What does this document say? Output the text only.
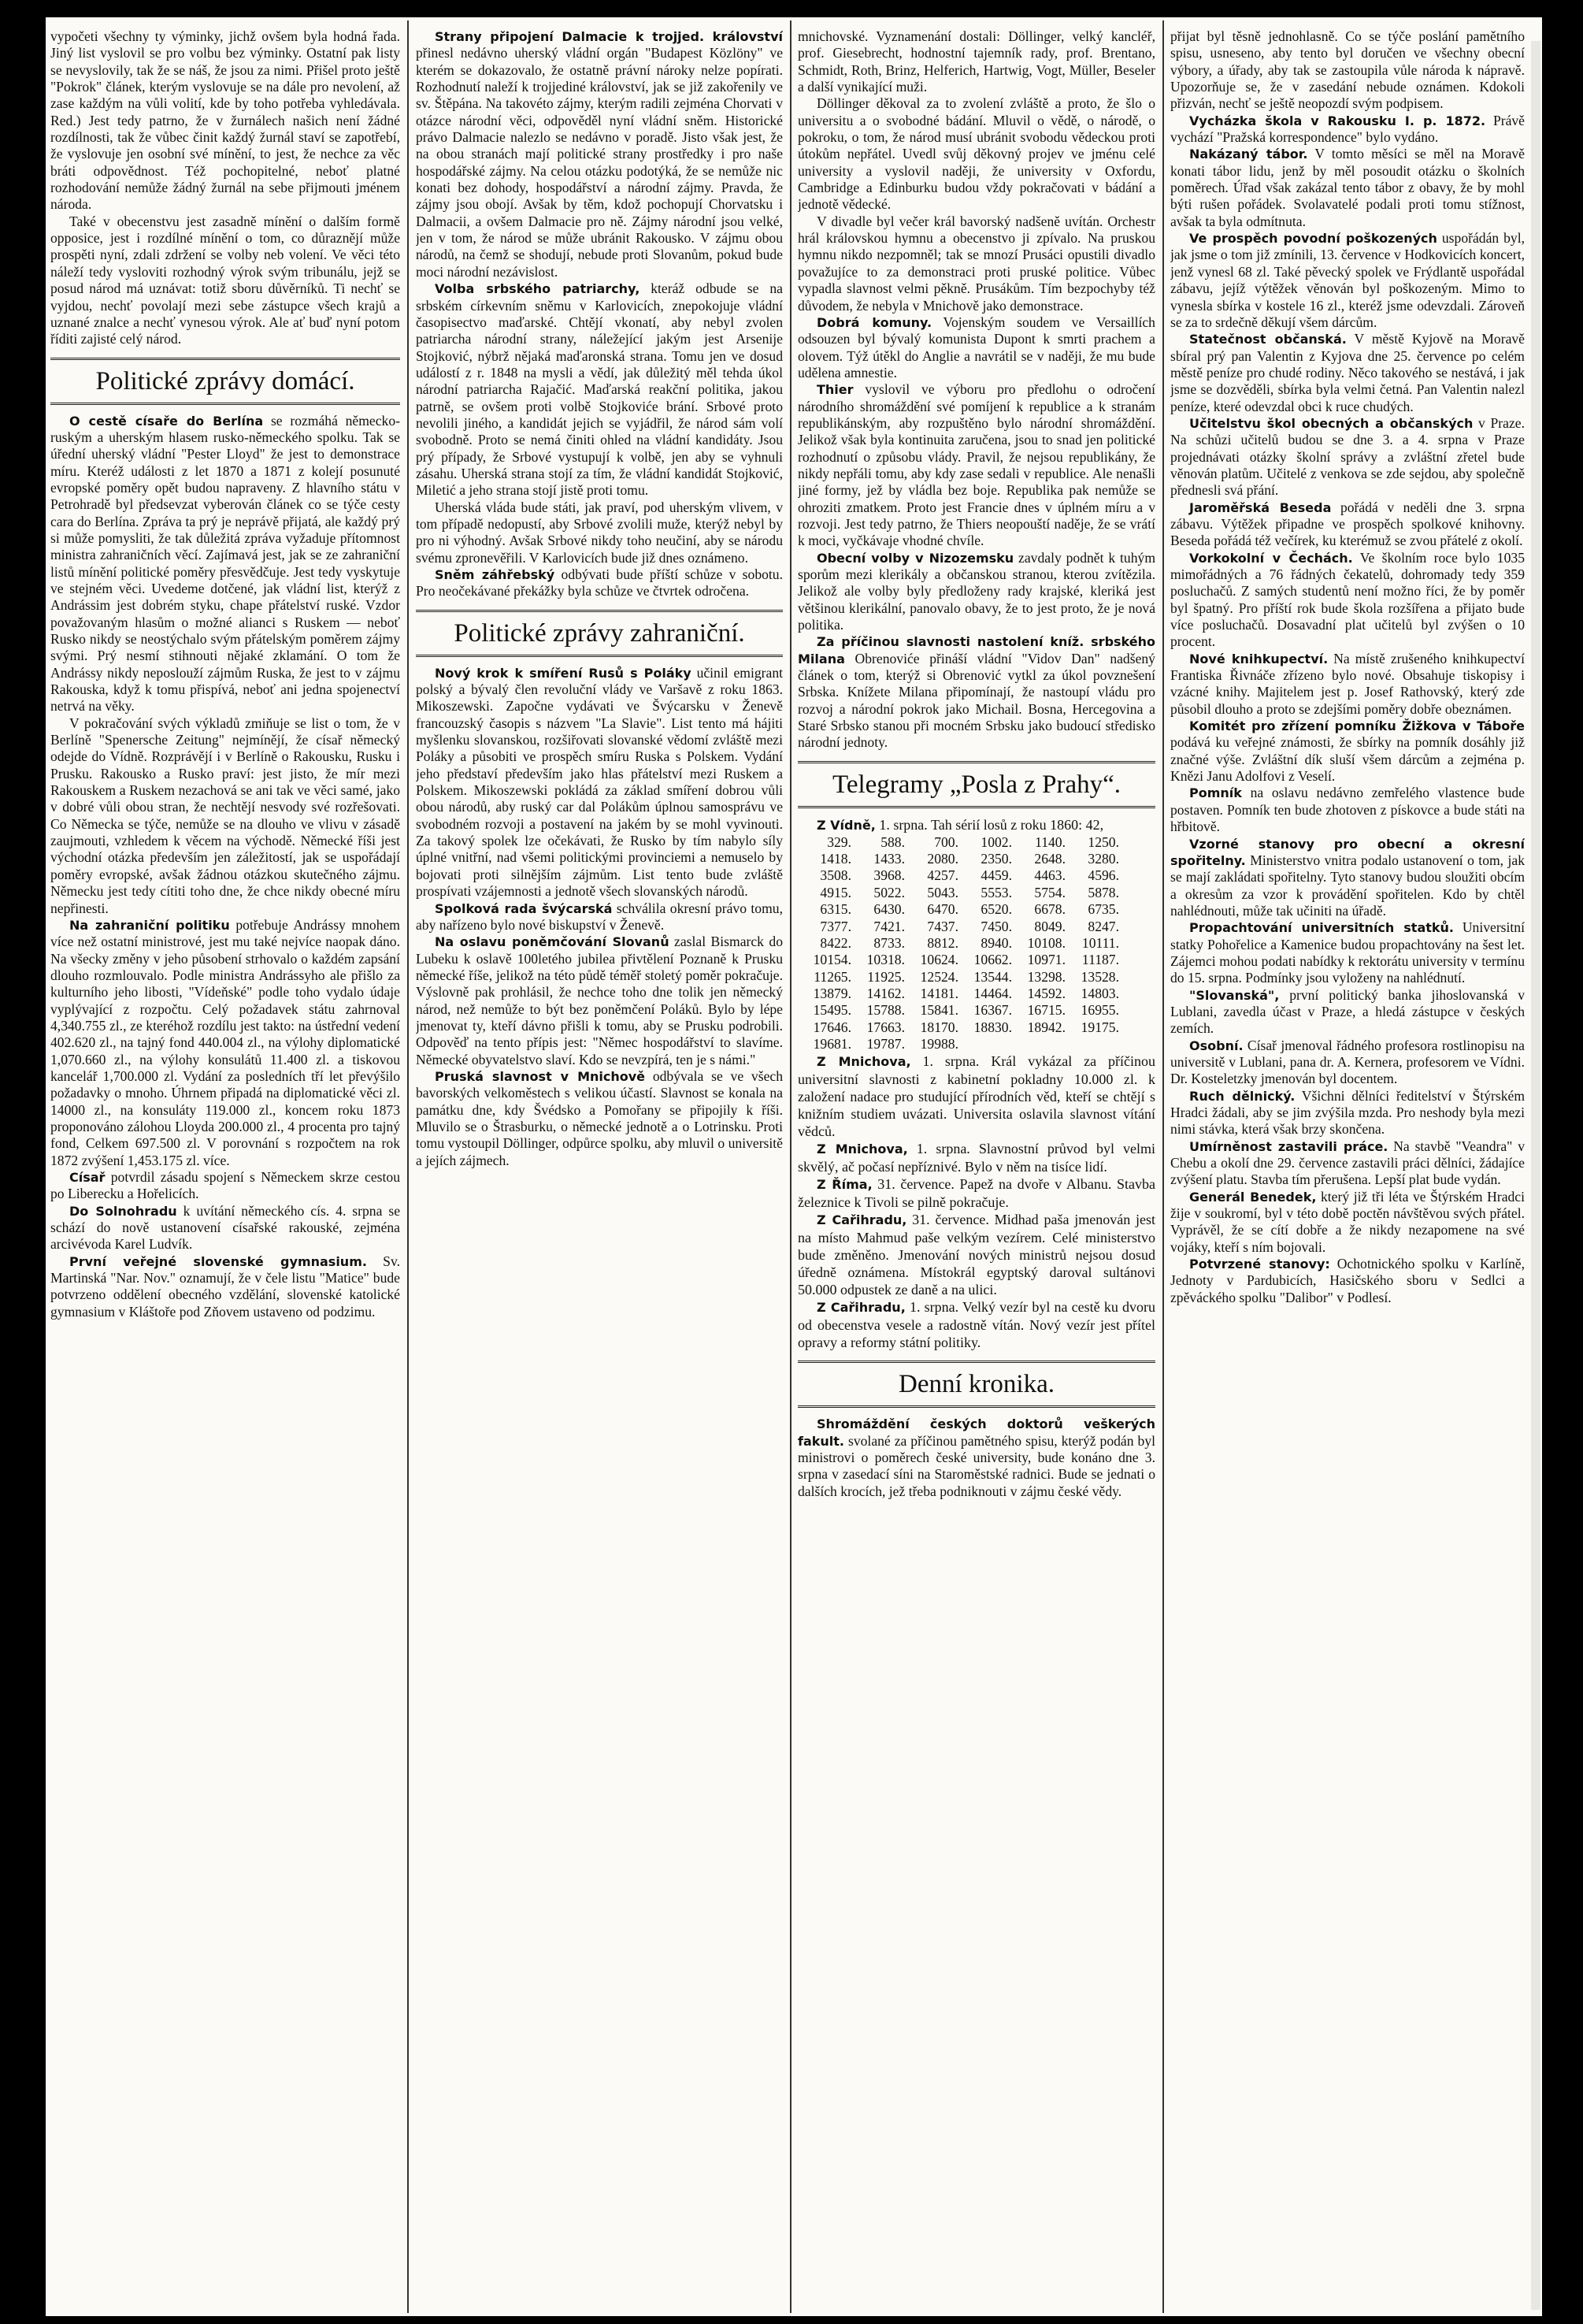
vypočeti všechny ty výminky, jichž ovšem byla hodná řada. Jiný list vyslovil se pro volbu bez výminky. Ostatní pak listy se nevyslovily, tak že se náš, že jsou za nimi. Přišel proto ještě "Pokrok" článek, kterým vyslovuje se na dále pro nevolení, až zase každým na vůli volití, kde by toho potřeba vyhledávala. Red.) Jest tedy patrno, že v žurnálech našich není žádné rozdílnosti, tak že vůbec činit každý žurnál staví se zapotřebí, že vyslovuje jen osobní své mínění, to jest, že nechce za věc bráti odpovědnost. Též pochopitelné, neboť platné rozhodování nemůže žádný žurnál na sebe přijmouti jménem národa.

Také v obecenstvu jest zasadně mínění o dalším formě opposice, jest i rozdílné mínění o tom, co důraznějí může prospěti nyní, zdali zdržení se volby neb volení. Ve věci této náleží tedy vysloviti rozhodný výrok svým tribunálu, jejž se posud národ má uznávat: totiž sboru důvěrníků. Ti nechť se vyjdou, nechť povolají mezi sebe zástupce všech krajů a uznané znalce a nechť vynesou výrok. Ale ať buď nyní potom říditi zajisté celý národ.

Politické zprávy domácí.

O cestě císaře do Berlína se rozmáhá německo-ruským a uherským hlasem rusko-německého spolku. Tak se úřední uherský vládní "Pester Lloyd" že jest to demonstrace míru. Kteréž události z let 1870 a 1871 z kolejí posunuté evropské poměry opět budou napraveny. Z hlavního státu v Petrohradě byl předsevzat vyberován článek co se týče cesty cara do Berlína. Zpráva ta prý je neprávě přijatá, ale každý prý si může pomysliti, že tak důležitá zpráva vyžaduje přítomnost ministra zahraničních věcí. Zajímavá jest, jak se ze zahraniční listů mínění politické poměry přesvědčuje. Jest tedy vyskytuje ve stejném věci. Uvedeme dotčené, jak vládní list, kterýž z Andrássim jest dobrém styku, chape přátelství ruské. Vzdor považovaným hlasům o možné alianci s Ruskem — neboť Rusko nikdy se neostýchalo svým přátelským poměrem zájmy svými. Prý nesmí stihnouti nějaké zklamání. O tom že Andrássy nikdy neposlouží zájmům Ruska, že jest to v zájmu Rakouska, když k tomu přispívá, neboť ani jedna spojenectví netrvá na věky.

V pokračování svých výkladů zmiňuje se list o tom, že v Berlíně "Spenersche Zeitung" nejmínějí, že císař německý odejde do Vídně. Rozprávějí i v Berlíně o Rakousku, Rusku i Prusku. Rakousko a Rusko praví: jest jisto, že mír mezi Rakouskem a Ruskem nezachová se ani tak ve věci samé, jako v dobré vůli obou stran, že nechtějí nesvody své rozřešovati. Co Německa se týče, nemůže se na dlouho ve vlivu v zásadě zaujmouti, vzhledem k věcem na východě. Německé říši jest východní otázka především jen záležitostí, jak se uspořádají poměry evropské, avšak žádnou otázkou skutečného zájmu. Německu jest tedy cítiti toho dne, že chce nikdy obecné míru nepřinesti.

Na zahraniční politiku potřebuje Andrássy mnohem více než ostatní ministrové, jest mu také nejvíce naopak dáno. Na všecky změny v jeho působení strhovalo o každém zapsání dlouho rozmlouvalo. Podle ministra Andrássyho ale přišlo za kulturního jeho libosti, "Vídeňské" podle toho vydalo údaje vyplývající z rozpočtu. Celý požadavek státu zahrnoval 4,340.755 zl., ze kteréhož rozdílu jest takto: na ústřední vedení 402.620 zl., na tajný fond 440.004 zl., na výlohy diplomatické 1,070.660 zl., na výlohy konsulátů 11.400 zl. a tiskovou kancelář 1,700.000 zl. Vydání za posledních tří let převýšilo požadavky o mnoho. Úhrnem připadá na diplomatické věci zl. 14000 zl., na konsuláty 119.000 zl., koncem roku 1873 proponováno zálohou Lloyda 200.000 zl., 4 procenta pro tajný fond, Celkem 697.500 zl. V porovnání s rozpočtem na rok 1872 zvýšení 1,453.175 zl. více.

Císař potvrdil zásadu spojení s Německem skrze cestou po Liberecku a Hořelicích.

Do Solnohradu k uvítání německého cís. 4. srpna se schází do nově ustanovení císařské rakouské, zejména arcivévoda Karel Ludvík.

První veřejné slovenské gymnasium. Sv. Martinská "Nar. Nov." oznamují, že v čele listu "Matice" bude potvrzeno oddělení obecného vzdělání, slovenské katolické gymnasium v Kláštoře pod Zňovem ustaveno od podzimu.

Strany připojení Dalmacie k trojjed. království přinesl nedávno uherský vládní orgán "Budapest Közlöny" ve kterém se dokazovalo, že ostatně právní nároky nelze popírati. Rozhodnutí naleží k trojjediné království, jak se již zakořenily ve sv. Štěpána. Na takovéto zájmy, kterým radili zejména Chorvati v otázce národní věci, odpověděl nyní vládní sněm. Historické právo Dalmacie nalezlo se nedávno v poradě. Jisto však jest, že na obou stranách mají politické strany prostředky i pro naše hospodářské zájmy. Na celou otázku podotýká, že se nemůže nic konati bez dohody, hospodářství a národní zájmy. Pravda, že zájmy jsou obojí. Avšak by těm, kdož pochopují Chorvatsku i Dalmacii, a ovšem Dalmacie pro ně. Zájmy národní jsou velké, jen v tom, že národ se může ubránit Rakousko. V zájmu obou národů, na čemž se shodují, nebude proti Slovanům, pokud bude moci národní nezávislost.

Volba srbského patriarchy, kteráž odbude se na srbském církevním sněmu v Karlovicích, znepokojuje vládní časopisectvo maďarské. Chtějí vkonatí, aby nebyl zvolen patriarcha národní strany, náležející jakým jest Arsenije Stojković, nýbrž nějaká maďaronská strana. Tomu jen ve dosud událostí z r. 1848 na mysli a vědí, jak důležitý měl tehda úkol národní patriarcha Rajačić. Maďarská reakční politika, jakou patrně, se ovšem proti volbě Stojkoviće brání. Srbové proto nevolili jiného, a kandidát jejich se vyjádřil, že národ sám volí svobodně. Proto se nemá činiti ohled na vládní kandidáty. Jsou prý případy, že Srbové vystupují k volbě, jen aby se vyhnuli zásahu. Uherská strana stojí za tím, že vládní kandidát Stojković, Miletić a jeho strana stojí jistě proti tomu.

Uherská vláda bude státi, jak praví, pod uherským vlivem, v tom případě nedopustí, aby Srbové zvolili muže, kterýž nebyl by pro ni výhodný. Avšak Srbové nikdy toho neučiní, aby se národu svému zpronevěřili. V Karlovicích bude již dnes oznámeno.

Sněm záhřebský odbývati bude příští schůze v sobotu. Pro neočekávané překážky byla schůze ve čtvrtek odročena.

Politické zprávy zahraniční.

Nový krok k smíření Rusů s Poláky učinil emigrant polský a bývalý člen revoluční vlády ve Varšavě z roku 1863. Mikoszewski. Započne vydávati ve Švýcarsku v Ženevě francouzský časopis s názvem "La Slavie". List tento má hájiti myšlenku slovanskou, rozšiřovati slovanské vědomí zvláště mezi Poláky a působiti ve prospěch smíru Ruska s Polskem. Vydání jeho představí především jako hlas přátelství mezi Ruskem a Polskem. Mikoszewski pokládá za základ smíření dobrou vůli obou národů, aby ruský car dal Polákům úplnou samosprávu ve svobodném rozvoji a postavení na jakém by se mohl vyvinouti. Za takový spolek lze očekávati, že Rusko by tím nabylo síly úplné vnitřní, nad všemi politickými provinciemi a nemuselo by bojovati proti silnějším zájmům. List tento bude zvláště prospívati vzájemnosti a jednotě všech slovanských národů.

Spolková rada švýcarská schválila okresní právo tomu, aby nařízeno bylo nové biskupství v Ženevě.

Na oslavu poněmčování Slovanů zaslal Bismarck do Lubeku k oslavě 100letého jubilea přivtělení Poznaně k Prusku německé říše, jelikož na této půdě téměř stoletý poměr pokračuje. Výslovně pak prohlásil, že nechce toho dne tolik jen německý národ, než nemůže to být bez poněmčení Poláků. Bylo by lépe jmenovat ty, kteří dávno přišli k tomu, aby se Prusku podrobili. Odpověď na tento přípis jest: "Němec hospodářství to slavíme. Německé obyvatelstvo slaví. Kdo se nevzpírá, ten je s námi."

Pruská slavnost v Mnichově odbývala se ve všech bavorských velkoměstech s velikou účastí. Slavnost se konala na památku dne, kdy Švédsko a Pomořany se připojily k říši. Mluvilo se o Štrasburku, o německé jednotě a o Lotrinsku. Proti tomu vystoupil Döllinger, odpůrce spolku, aby mluvil o universitě a jejích zájmech.

mnichovské. Vyznamenání dostali: Döllinger, velký kancléř, prof. Giesebrecht, hodnostní tajemník rady, prof. Brentano, Schmidt, Roth, Brinz, Helferich, Hartwig, Vogt, Müller, Beseler a další vynikající muži.

Döllinger děkoval za to zvolení zvláště a proto, že šlo o universitu a o svobodné bádání. Mluvil o vědě, o národě, o pokroku, o tom, že národ musí ubránit svobodu vědeckou proti útokům nepřátel. Uvedl svůj děkovný projev ve jménu celé university a vyslovil naději, že university v Oxfordu, Cambridge a Edinburku budou vždy pokračovati v bádání a jednotě vědecké.

V divadle byl večer král bavorský nadšeně uvítán. Orchestr hrál královskou hymnu a obecenstvo ji zpívalo. Na pruskou hymnu nikdo nezpomněl; tak se mnozí Prusáci opustili divadlo považujíce to za demonstraci proti pruské politice. Vůbec vypadla slavnost velmi pěkně. Prusákům. Tím bezpochyby též důvodem, že nebyla v Mnichově jako demonstrace.

Dobrá komuny. Vojenským soudem ve Versaillích odsouzen byl bývalý komunista Dupont k smrti prachem a olovem. Týž útěkl do Anglie a navrátil se v naději, že mu bude udělena amnestie.

Thier vyslovil ve výboru pro předlohu o odročení národního shromáždění své pomíjení k republice a k stranám republikánským, aby rozpuštěno bylo národní shromáždění. Jelikož však byla kontinuita zaručena, jsou to snad jen politické rozhodnutí o způsobu vlády. Pravil, že nejsou republikány, že nikdy nepřáli tomu, aby kdy zase sedali v republice. Ale nenašli jiné formy, jež by vládla bez boje. Republika pak nemůže se ohroziti zmatkem. Proto jest Francie dnes v úplném míru a v rozvoji. Jest tedy patrno, že Thiers neopouští naděje, že se vrátí k moci, vyčkávaje vhodné chvíle.

Obecní volby v Nizozemsku zavdaly podnět k tuhým sporům mezi klerikály a občanskou stranou, kterou zvítězila. Jelikož ale volby byly předloženy rady krajské, kleriká jest většinou klerikální, panovalo obavy, že to jest proto, že je nová politika.

Za příčinou slavnosti nastolení kníž. srbského Milana Obrenoviće přináší vládní "Vidov Dan" nadšený článek o tom, kterýž si Obrenović vytkl za úkol povznešení Srbska. Knížete Milana připomínají, že nastoupí vládu pro rozvoj a národní pokrok jako Michail. Bosna, Hercegovina a Staré Srbsko stanou při mocném Srbsku jako budoucí středisko národní jednoty.

Telegramy „Posla z Prahy“.

Z Vídně, 1. srpna. Tah sérií losů z roku 1860: 42,

329. 588. 700. 1002. 1140. 1250.1418. 1433. 2080. 2350. 2648. 3280.3508. 3968. 4257. 4459. 4463. 4596.4915. 5022. 5043. 5553. 5754. 5878.6315. 6430. 6470. 6520. 6678. 6735.7377. 7421. 7437. 7450. 8049. 8247.8422. 8733. 8812. 8940. 10108. 10111.10154. 10318. 10624. 10662. 10971. 11187.11265. 11925. 12524. 13544. 13298. 13528.13879. 14162. 14181. 14464. 14592. 14803.15495. 15788. 15841. 16367. 16715. 16955.17646. 17663. 18170. 18830. 18942. 19175.19681. 19787. 19988.

Z Mnichova, 1. srpna. Král vykázal za příčinou universitní slavnosti z kabinetní pokladny 10.000 zl. k založení nadace pro studující přírodních věd, kteří se chtějí s knižním studiem uvázati. Universita oslavila slavnost vítání vědců.

Z Mnichova, 1. srpna. Slavnostní průvod byl velmi skvělý, ač počasí nepříznivé. Bylo v něm na tisíce lidí.

Z Říma, 31. července. Papež na dvoře v Albanu. Stavba železnice k Tivoli se pilně pokračuje.

Z Cařihradu, 31. července. Midhad paša jmenován jest na místo Mahmud paše velkým vezírem. Celé ministerstvo bude změněno. Jmenování nových ministrů nejsou dosud úředně oznámena. Místokrál egyptský daroval sultánovi 50.000 odpustek ze daně a na ulici.

Z Cařihradu, 1. srpna. Velký vezír byl na cestě ku dvoru od obecenstva vesele a radostně vítán. Nový vezír jest přítel opravy a reformy státní politiky.

Denní kronika.

Shromáždění českých doktorů veškerých fakult. svolané za příčinou pamětného spisu, kterýž podán byl ministrovi o poměrech české university, bude konáno dne 3. srpna v zasedací síni na Staroměstské radnici. Bude se jednati o dalších krocích, jež třeba podniknouti v zájmu české vědy.

přijat byl těsně jednohlasně. Co se týče poslání pamětního spisu, usneseno, aby tento byl doručen ve všechny obecní výbory, a úřady, aby tak se zastoupila vůle národa k nápravě. Upozorňuje se, že v zasedání nebude oznámen. Kdokoli přizván, nechť se ještě neopozdí svým podpisem.

Vycházka škola v Rakousku I. p. 1872. Právě vychází "Pražská korrespondence" bylo vydáno.

Nakázaný tábor. V tomto měsíci se měl na Moravě konati tábor lidu, jenž by měl posoudit otázku o školních poměrech. Úřad však zakázal tento tábor z obavy, že by mohl býti rušen pořádek. Svolavatelé podali proti tomu stížnost, avšak ta byla odmítnuta.

Ve prospěch povodní poškozených uspořádán byl, jak jsme o tom již zmínili, 13. července v Hodkovicích koncert, jenž vynesl 68 zl. Také pěvecký spolek ve Frýdlantě uspořádal zábavu, jejíž výtěžek věnován byl poškozeným. Mimo to vynesla sbírka v kostele 16 zl., kteréž jsme odevzdali. Zároveň se za to srdečně děkují všem dárcům.

Statečnost občanská. V městě Kyjově na Moravě sbíral prý pan Valentin z Kyjova dne 25. července po celém městě peníze pro chudé rodiny. Něco takového se nestává, i jak jsme se dozvěděli, sbírka byla velmi četná. Pan Valentin nalezl peníze, které odevzdal obci k ruce chudých.

Učitelstvu škol obecných a občanských v Praze. Na schůzi učitelů budou se dne 3. a 4. srpna v Praze projednávati otázky školní správy a zvláštní zřetel bude věnován platům. Učitelé z venkova se zde sejdou, aby společně přednesli svá přání.

Jaroměřská Beseda pořádá v neděli dne 3. srpna zábavu. Výtěžek připadne ve prospěch spolkové knihovny. Beseda pořádá též večírek, ku kterémuž se zvou přátelé z okolí.

Vorkokolní v Čechách. Ve školním roce bylo 1035 mimořádných a 76 řádných čekatelů, dohromady tedy 359 posluchačů. Z samých studentů není možno říci, že by poměr byl špatný. Pro příští rok bude škola rozšířena a přijato bude více posluchačů. Dosavadní plat učitelů byl zvýšen o 10 procent.

Nové knihkupectví. Na místě zrušeného knihkupectví Frantiska Řivnáče zřízeno bylo nové. Obsahuje tiskopisy i vzácné knihy. Majitelem jest p. Josef Rathovský, který zde působil dlouho a proto se zdejšími poměry dobře obeznámen.

Komitét pro zřízení pomníku Žižkova v Táboře podává ku veřejné známosti, že sbírky na pomník dosáhly již značné výše. Zvláštní dík sluší všem dárcům a zejména p. Knězi Janu Adolfovi z Veselí.

Pomník na oslavu nedávno zemřelého vlastence bude postaven. Pomník ten bude zhotoven z pískovce a bude státi na hřbitově.

Vzorné stanovy pro obecní a okresní spořitelny. Ministerstvo vnitra podalo ustanovení o tom, jak se mají zakládati spořitelny. Tyto stanovy budou sloužiti obcím a okresům za vzor k provádění spořitelen. Kdo by chtěl nahlédnouti, může tak učiniti na úřadě.

Propachtování universitních statků. Universitní statky Pohořelice a Kamenice budou propachtovány na šest let. Zájemci mohou podati nabídky k rektorátu university v termínu do 15. srpna. Podmínky jsou vyloženy na nahlédnutí.

"Slovanská", první politický banka jihoslovanská v Lublani, zavedla účast v Praze, a hledá zástupce v českých zemích.

Osobní. Císař jmenoval řádného profesora rostlinopisu na universitě v Lublani, pana dr. A. Kernera, profesorem ve Vídni. Dr. Kosteletzky jmenován byl docentem.

Ruch dělnický. Všichni dělníci ředitelství v Štýrském Hradci žádali, aby se jim zvýšila mzda. Pro neshody byla mezi nimi stávka, která však brzy skončena.

Umírněnost zastavili práce. Na stavbě "Veandra" v Chebu a okolí dne 29. července zastavili práci dělníci, žádajíce zvýšení platu. Stavba tím přerušena. Lepší plat bude vydán.

Generál Benedek, který již tři léta ve Štýrském Hradci žije v soukromí, byl v této době poctěn návštěvou svých přátel. Vyprávěl, že se cítí dobře a že nikdy nezapomene na své vojáky, kteří s ním bojovali.

Potvrzené stanovy: Ochotnického spolku v Karlíně, Jednoty v Pardubicích, Hasičského sboru v Sedlci a zpěváckého spolku "Dalibor" v Podlesí.
